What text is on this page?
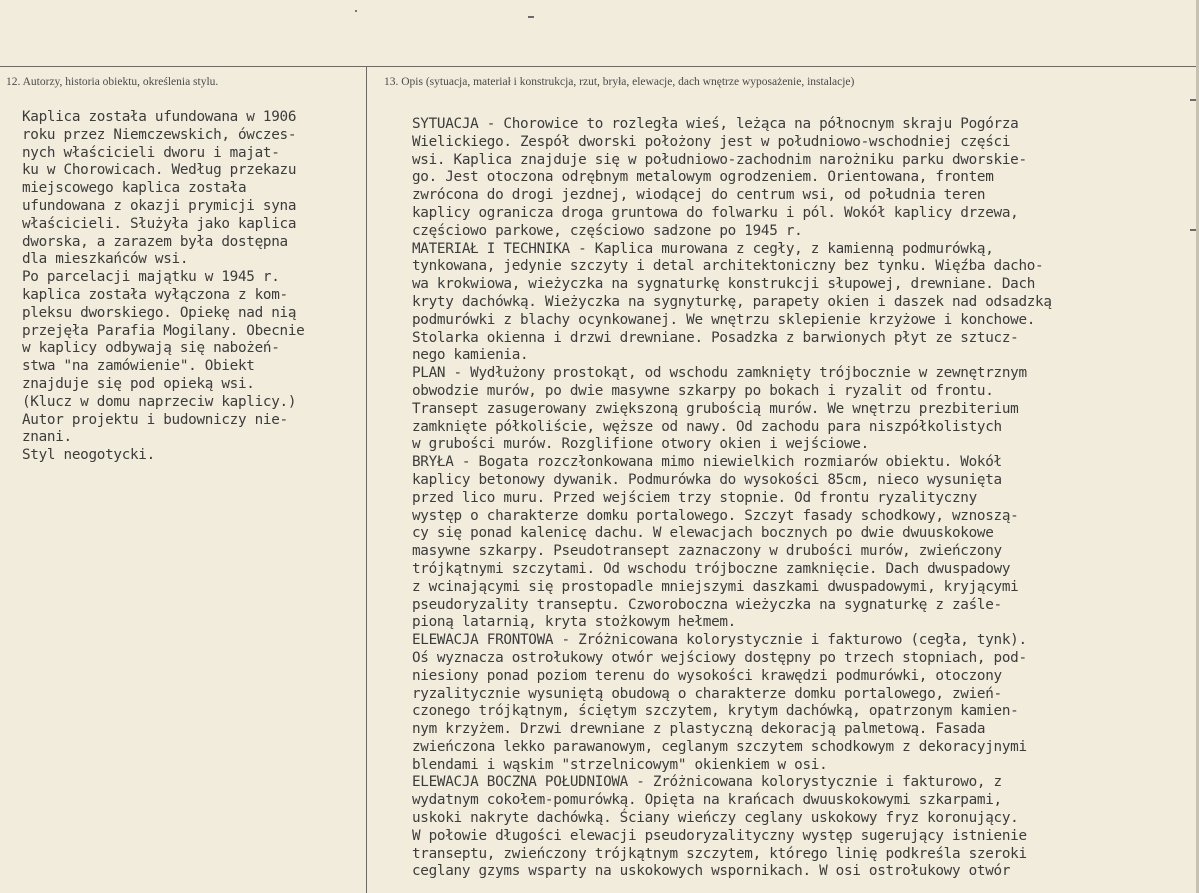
12. Autorzy, historia obiektu, określenia stylu.	13. Opis (sytuacja, materiał i konstrukcja, rzut, bryła, elewacje, dach wnętrze wyposażenie, instalacje)
Kaplica została ufundowana w 1906
roku przez Niemczewskich, ówczes-
nych właścicieli dworu i majat-
ku w Chorowicach. Według przekazu
miejscowego kaplica została
ufundowana z okazji prymicji syna
właścicieli. Służyła jako kaplica
dworska, a zarazem była dostępna
dla mieszkańców wsi.
Po parcelacji majątku w 1945 r.
kaplica została wyłączona z kom-
pleksu dworskiego. Opiekę nad nią
przejęła Parafia Mogilany. Obecnie
w kaplicy odbywają się nabożeń-
stwa "na zamówienie". Obiekt
znajduje się pod opieką wsi.
(Klucz w domu naprzeciw kaplicy.)
Autor projektu i budowniczy nie-
znani.
Styl neogotycki.
SYTUACJA - Chorowice to rozległa wieś, leżąca na północnym skraju Pogórza
Wielickiego. Zespół dworski położony jest w południowo-wschodniej części
wsi. Kaplica znajduje się w południowo-zachodnim narożniku parku dworskie-
go. Jest otoczona odrębnym metalowym ogrodzeniem. Orientowana, frontem
zwrócona do drogi jezdnej, wiodącej do centrum wsi, od południa teren
kaplicy ogranicza droga gruntowa do folwarku i pól. Wokół kaplicy drzewa,
częściowo parkowe, częściowo sadzone po 1945 r.
MATERIAŁ I TECHNIKA - Kaplica murowana z cegły, z kamienną podmurówką,
tynkowana, jedynie szczyty i detal architektoniczny bez tynku. Więźba dacho-
wa krokwiowa, wieżyczka na sygnaturkę konstrukcji słupowej, drewniane. Dach
kryty dachówką. Wieżyczka na sygnyturkę, parapety okien i daszek nad odsadzką
podmurówki z blachy ocynkowanej. We wnętrzu sklepienie krzyżowe i konchowe.
Stolarka okienna i drzwi drewniane. Posadzka z barwionych płyt ze sztucz-
nego kamienia.
PLAN - Wydłużony prostokąt, od wschodu zamknięty trójbocznie w zewnętrznym
obwodzie murów, po dwie masywne szkarpy po bokach i ryzalit od frontu.
Transept zasugerowany zwiększoną grubością murów. We wnętrzu prezbiterium
zamknięte półkoliście, węższe od nawy. Od zachodu para niszpółkolistych
w grubości murów. Rozglifione otwory okien i wejściowe.
BRYŁA - Bogata rozczłonkowana mimo niewielkich rozmiarów obiektu. Wokół
kaplicy betonowy dywanik. Podmurówka do wysokości 85cm, nieco wysunięta
przed lico muru. Przed wejściem trzy stopnie. Od frontu ryzalityczny
występ o charakterze domku portalowego. Szczyt fasady schodkowy, wznoszą-
cy się ponad kalenicę dachu. W elewacjach bocznych po dwie dwuuskokowe
masywne szkarpy. Pseudotransept zaznaczony w drubości murów, zwieńczony
trójkątnymi szczytami. Od wschodu trójboczne zamknięcie. Dach dwuspadowy
z wcinającymi się prostopadle mniejszymi daszkami dwuspadowymi, kryjącymi
pseudoryzality transeptu. Czworoboczna wieżyczka na sygnaturkę z zaśle-
pioną latarnią, kryta stożkowym hełmem.
ELEWACJA FRONTOWA - Zróżnicowana kolorystycznie i fakturowo (cegła, tynk).
Oś wyznacza ostrołukowy otwór wejściowy dostępny po trzech stopniach, pod-
niesiony ponad poziom terenu do wysokości krawędzi podmurówki, otoczony
ryzalitycznie wysuniętą obudową o charakterze domku portalowego, zwień-
czonego trójkątnym, ściętym szczytem, krytym dachówką, opatrzonym kamien-
nym krzyżem. Drzwi drewniane z plastyczną dekoracją palmetową. Fasada
zwieńczona lekko parawanowym, ceglanym szczytem schodkowym z dekoracyjnymi
blendami i wąskim "strzelnicowym" okienkiem w osi.
ELEWACJA BOCZNA POŁUDNIOWA - Zróżnicowana kolorystycznie i fakturowo, z
wydatnym cokołem-pomurówką. Opięta na krańcach dwuuskokowymi szkarpami,
uskoki nakryte dachówką. Ściany wieńczy ceglany uskokowy fryz koronujący.
W połowie długości elewacji pseudoryzalityczny występ sugerujący istnienie
transeptu, zwieńczony trójkątnym szczytem, którego linię podkreśla szeroki
ceglany gzyms wsparty na uskokowych wspornikach. W osi ostrołukowy otwór
